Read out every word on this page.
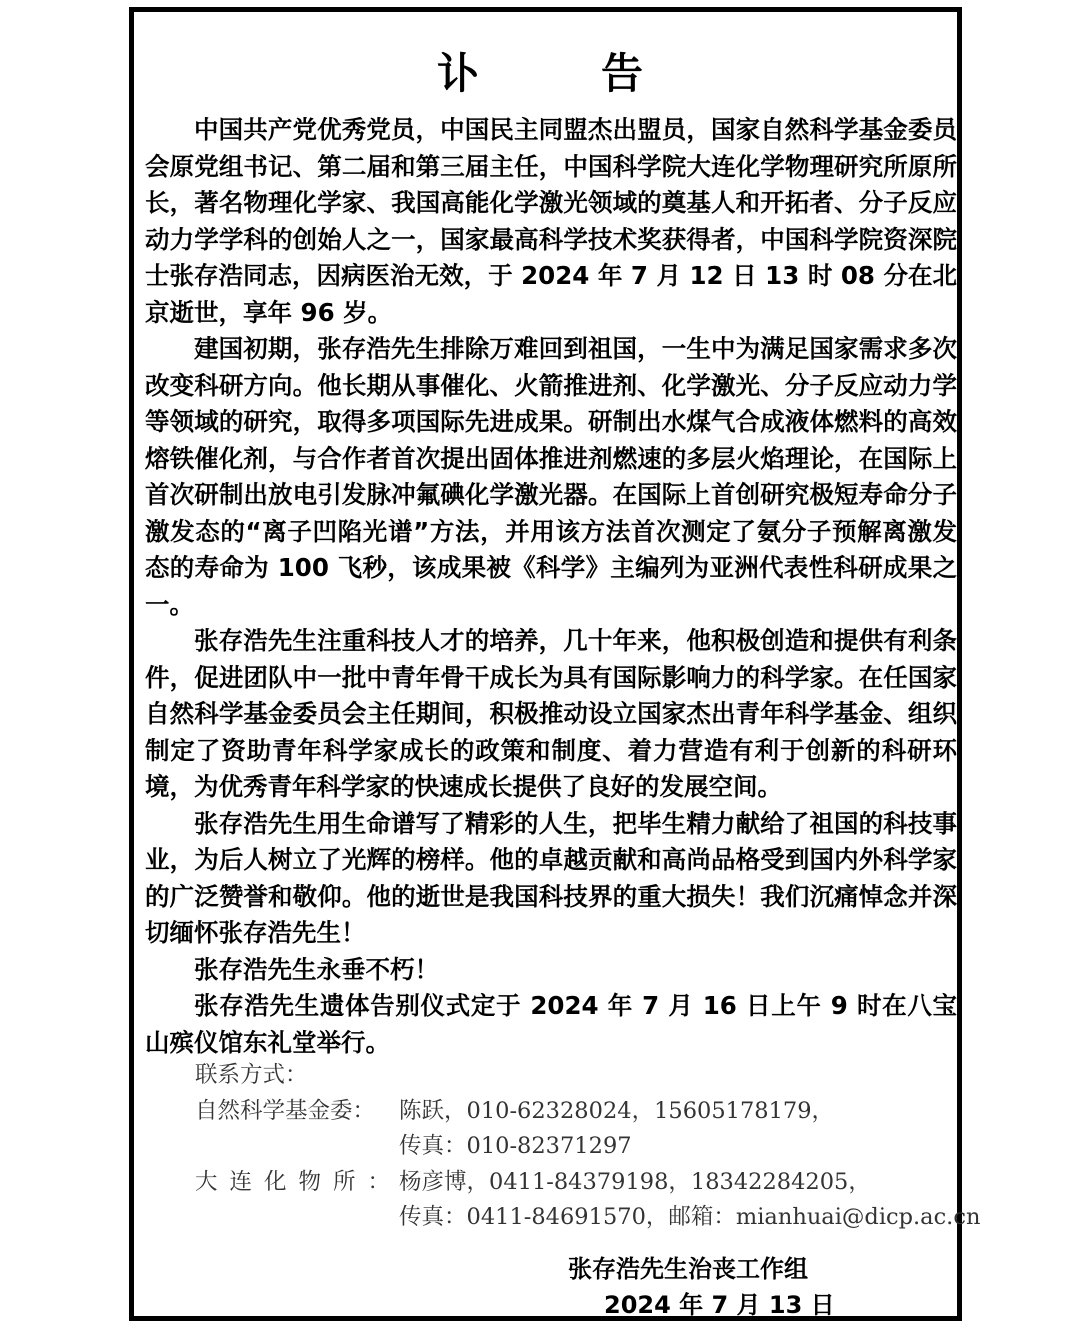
讣　告

中国共产党优秀党员，中国民主同盟杰出盟员，国家自然科学基金委员会原党组书记、第二届和第三届主任，中国科学院大连化学物理研究所原所长，著名物理化学家、我国高能化学激光领域的奠基人和开拓者、分子反应动力学学科的创始人之一，国家最高科学技术奖获得者，中国科学院资深院士张存浩同志，因病医治无效，于 2024 年 7 月 12 日 13 时 08 分在北京逝世，享年 96 岁。

建国初期，张存浩先生排除万难回到祖国，一生中为满足国家需求多次改变科研方向。他长期从事催化、火箭推进剂、化学激光、分子反应动力学等领域的研究，取得多项国际先进成果。研制出水煤气合成液体燃料的高效熔铁催化剂，与合作者首次提出固体推进剂燃速的多层火焰理论，在国际上首次研制出放电引发脉冲氟碘化学激光器。在国际上首创研究极短寿命分子激发态的“离子凹陷光谱”方法，并用该方法首次测定了氨分子预解离激发态的寿命为 100 飞秒，该成果被《科学》主编列为亚洲代表性科研成果之一。

张存浩先生注重科技人才的培养，几十年来，他积极创造和提供有利条件，促进团队中一批中青年骨干成长为具有国际影响力的科学家。在任国家自然科学基金委员会主任期间，积极推动设立国家杰出青年科学基金、组织制定了资助青年科学家成长的政策和制度、着力营造有利于创新的科研环境，为优秀青年科学家的快速成长提供了良好的发展空间。

张存浩先生用生命谱写了精彩的人生，把毕生精力献给了祖国的科技事业，为后人树立了光辉的榜样。他的卓越贡献和高尚品格受到国内外科学家的广泛赞誉和敬仰。他的逝世是我国科技界的重大损失！我们沉痛悼念并深切缅怀张存浩先生！

张存浩先生永垂不朽！

张存浩先生遗体告别仪式定于 2024 年 7 月 16 日上午 9 时在八宝山殡仪馆东礼堂举行。

联系方式：
自然科学基金委：	陈跃，010-62328024，15605178179，
传真：010-82371297
大连化物所：
杨彦博，0411-84379198，18342284205，
传真：0411-84691570，邮箱：mianhuai@dicp.ac.cn
张存浩先生治丧工作组
2024 年 7 月 13 日
